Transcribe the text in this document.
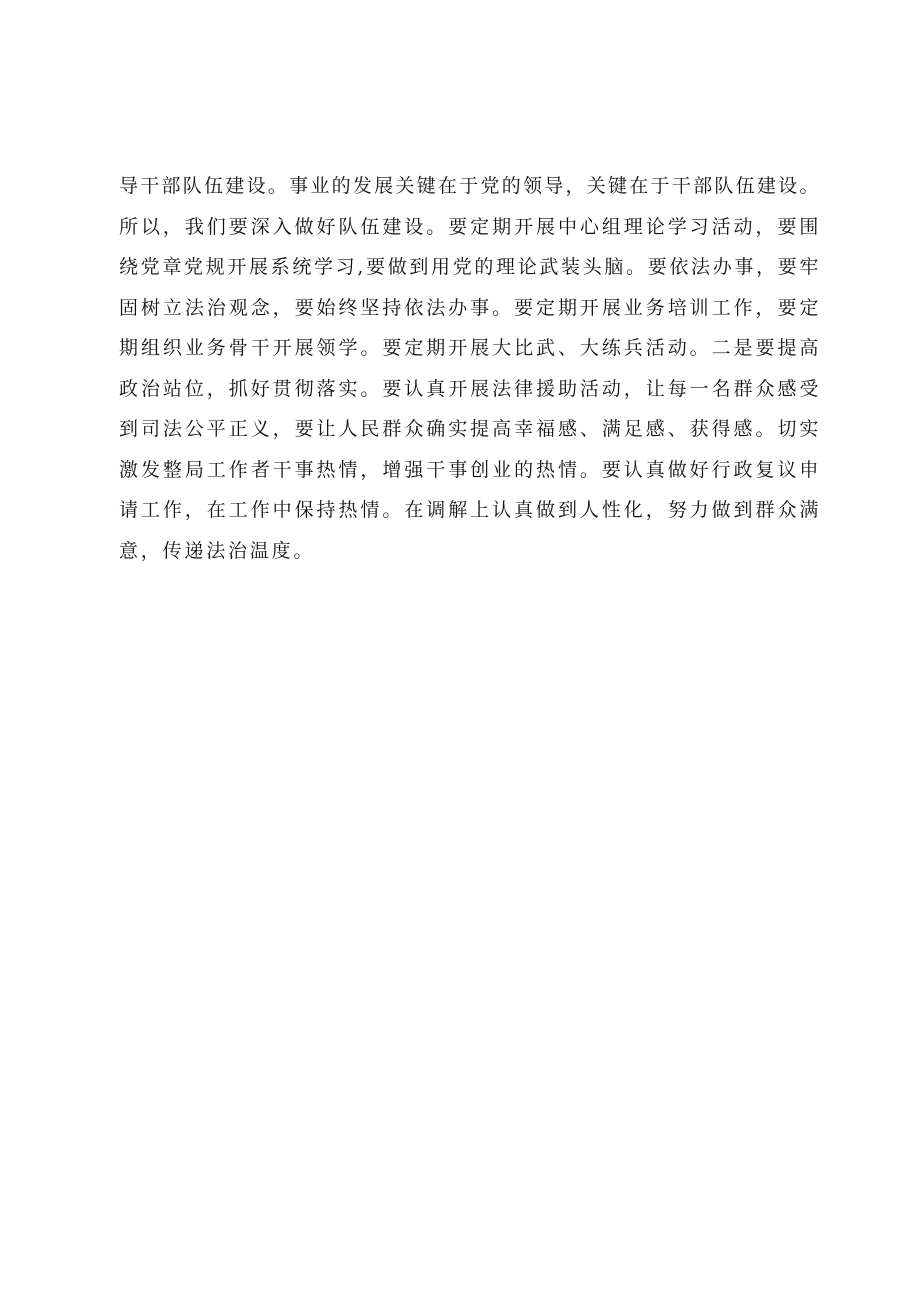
导干部队伍建设。事业的发展关键在于党的领导，关键在于干部队伍建设。
所以，我们要深入做好队伍建设。要定期开展中心组理论学习活动，要围
绕党章党规开展系统学习,要做到用党的理论武装头脑。要依法办事，要牢
固树立法治观念，要始终坚持依法办事。要定期开展业务培训工作，要定
期组织业务骨干开展领学。要定期开展大比武、大练兵活动。二是要提高
政治站位，抓好贯彻落实。要认真开展法律援助活动，让每一名群众感受
到司法公平正义，要让人民群众确实提高幸福感、满足感、获得感。切实
激发整局工作者干事热情，增强干事创业的热情。要认真做好行政复议申
请工作，在工作中保持热情。在调解上认真做到人性化，努力做到群众满
意，传递法治温度。
